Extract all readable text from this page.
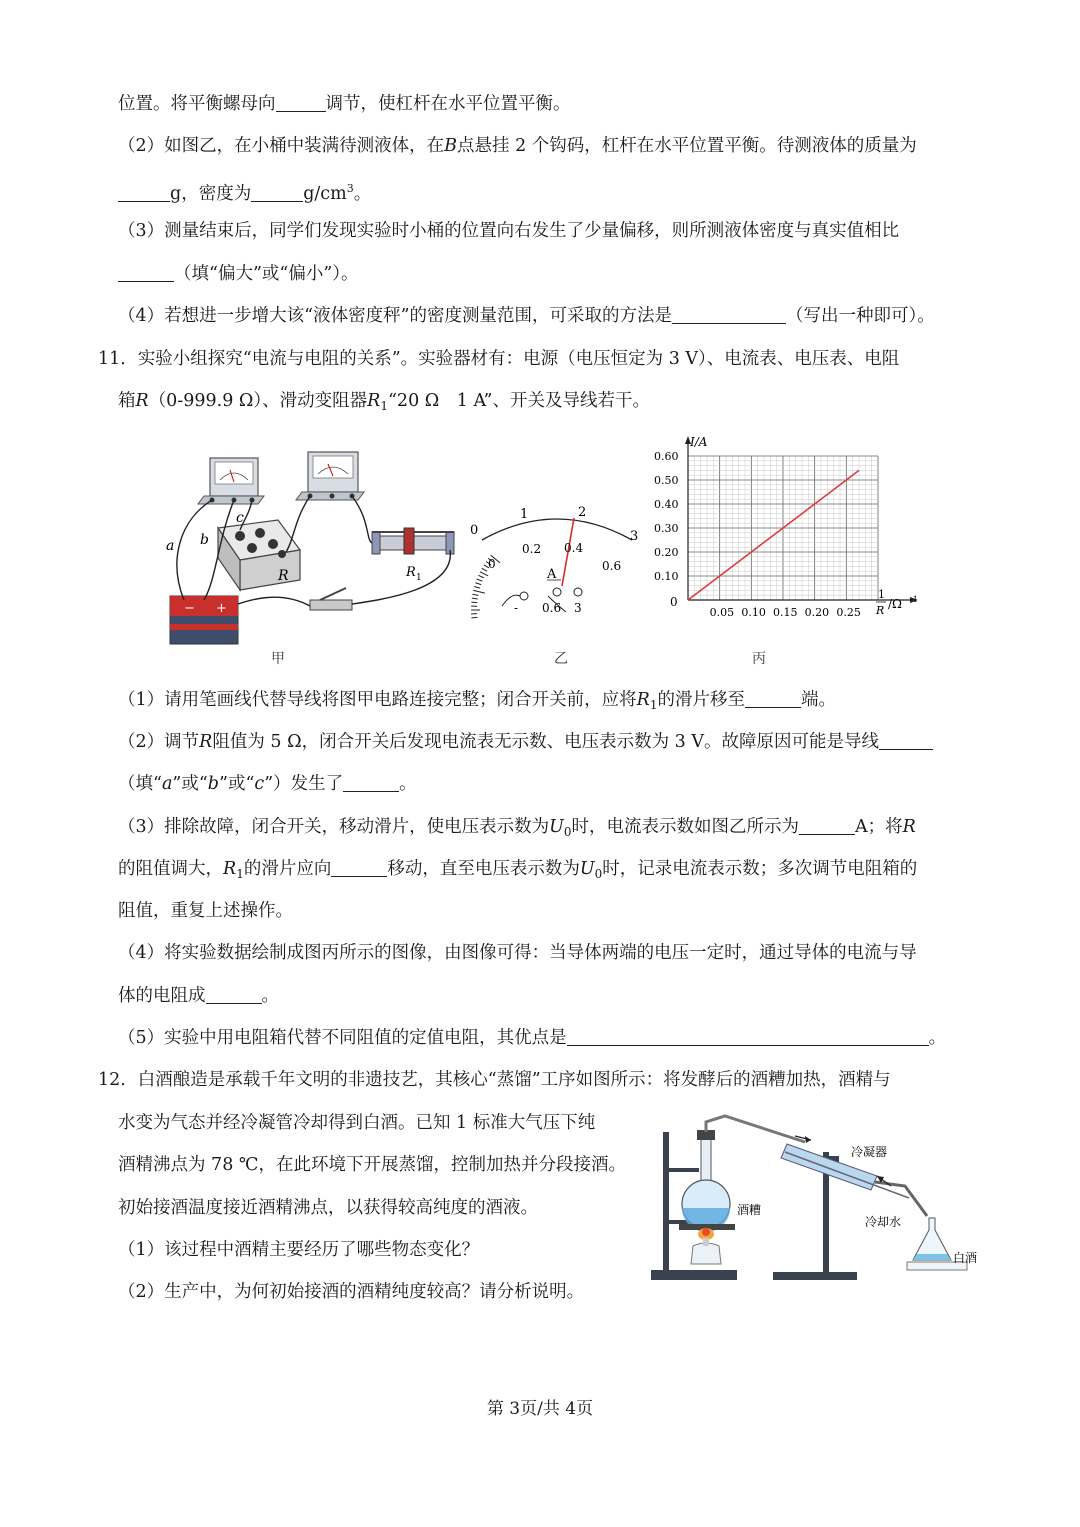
位置。将平衡螺母向	调节，使杠杆在水平位置平衡。
（2）如图乙，在小桶中装满待测液体，在B点悬挂 2 个钩码，杠杆在水平位置平衡。待测液体的质量为
g，密度为	$g/cm^3$。
（3）测量结束后，同学们发现实验时小桶的位置向右发生了少量偏移，则所测液体密度与真实值相比
（填“偏大”或“偏小”）。
（4）若想进一步增大该“液体密度秤”的密度测量范围，可采取的方法是	（写出一种即可）。
11．实验小组探究“电流与电阻的关系”。实验器材有：电源（电压恒定为 3 V）、电流表、电压表、电阻
箱R（0-999.9 Ω）、滑动变阻器$R_1“20$ Ω　1 A”、开关及导线若干。
R	R 1
− +
a b
c
甲
0
1	2
3
0
0.2 0.4
0.6
A
- 0.6 3
乙
0.05 0.10 0.15 0.20 0.25
0.10
0.20
0.30
0.40
0.50
0.60
I/A
0
1
R /Ω -1
丙
（1）请用笔画线代替导线将图甲电路连接完整；闭合开关前，应将$R_1$的滑片移至	端。
（2）调节R阻值为 5 Ω，闭合开关后发现电流表无示数、电压表示数为 3 V。故障原因可能是导线
（填“a”或“b”或“c”）发生了	。
（3）排除故障，闭合开关，移动滑片，使电压表示数为$U_0$时，电流表示数如图乙所示为	A；将R
的阻值调大，$R_1$的滑片应向	移动，直至电压表示数为$U_0$时，记录电流表示数；多次调节电阻箱的
阻值，重复上述操作。
（4）将实验数据绘制成图丙所示的图像，由图像可得：当导体两端的电压一定时，通过导体的电流与导
体的电阻成	。
（5）实验中用电阻箱代替不同阻值的定值电阻，其优点是	。
12．白酒酿造是承载千年文明的非遗技艺，其核心“蒸馏”工序如图所示：将发酵后的酒糟加热，酒精与
水变为气态并经冷凝管冷却得到白酒。已知 1 标准大气压下纯
酒精沸点为 78 ℃，在此环境下开展蒸馏，控制加热并分段接酒。
初始接酒温度接近酒精沸点，以获得较高纯度的酒液。
（1）该过程中酒精主要经历了哪些物态变化？
（2）生产中，为何初始接酒的酒精纯度较高？请分析说明。
冷凝器
酒糟
冷却水
白酒
第 3页/共 4页
